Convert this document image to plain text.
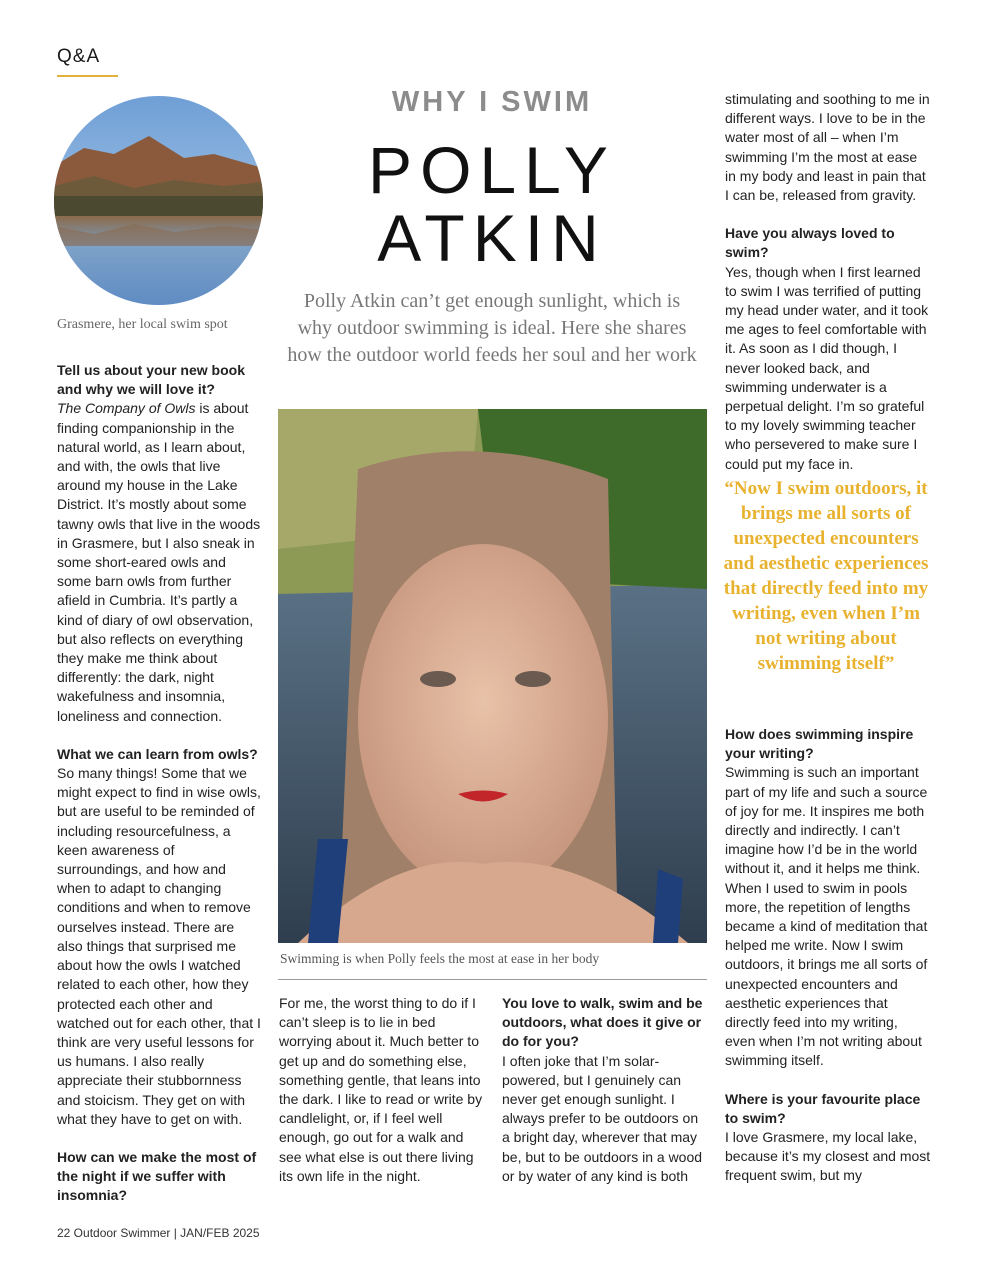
Q&A
Grasmere, her local swim spot

Tell us about your new book and why we will love it?
The Company of Owls is about finding companionship in the natural world, as I learn about, and with, the owls that live around my house in the Lake District. It’s mostly about some tawny owls that live in the woods in Grasmere, but I also sneak in some short-eared owls and some barn owls from further afield in Cumbria. It’s partly a kind of diary of owl observation, but also reflects on everything they make me think about differently: the dark, night wakefulness and insomnia, loneliness and connection.

What we can learn from owls?
So many things! Some that we might expect to find in wise owls, but are useful to be reminded of including resourcefulness, a keen awareness of surroundings, and how and when to adapt to changing conditions and when to remove ourselves instead. There are also things that surprised me about how the owls I watched related to each other, how they protected each other and watched out for each other, that I think are very useful lessons for us humans. I also really appreciate their stubbornness and stoicism. They get on with what they have to get on with.

How can we make the most of the night if we suffer with insomnia?

WHY I SWIM
POLLY
ATKIN
Polly Atkin can’t get enough sunlight, which is why outdoor swimming is ideal. Here she shares how the outdoor world feeds her soul and her work
Swimming is when Polly feels the most at ease in her body

For me, the worst thing to do if I can’t sleep is to lie in bed worrying about it. Much better to get up and do something else, something gentle, that leans into the dark. I like to read or write by candlelight, or, if I feel well enough, go out for a walk and see what else is out there living its own life in the night.

You love to walk, swim and be outdoors, what does it give or do for you?
I often joke that I’m solar-powered, but I genuinely can never get enough sunlight. I always prefer to be outdoors on a bright day, wherever that may be, but to be outdoors in a wood or by water of any kind is both

stimulating and soothing to me in different ways. I love to be in the water most of all – when I’m swimming I’m the most at ease in my body and least in pain that I can be, released from gravity.

Have you always loved to swim?
Yes, though when I first learned to swim I was terrified of putting my head under water, and it took me ages to feel comfortable with it. As soon as I did though, I never looked back, and swimming underwater is a perpetual delight. I’m so grateful to my lovely swimming teacher who persevered to make sure I could put my face in.

“Now I swim outdoors, it brings me all sorts of unexpected encounters and aesthetic experiences that directly feed into my writing, even when I’m not writing about swimming itself”

How does swimming inspire your writing?
Swimming is such an important part of my life and such a source of joy for me. It inspires me both directly and indirectly. I can’t imagine how I’d be in the world without it, and it helps me think. When I used to swim in pools more, the repetition of lengths became a kind of meditation that helped me write. Now I swim outdoors, it brings me all sorts of unexpected encounters and aesthetic experiences that directly feed into my writing, even when I’m not writing about swimming itself.

Where is your favourite place to swim?
I love Grasmere, my local lake, because it’s my closest and most frequent swim, but my

22 Outdoor Swimmer | JAN/FEB 2025
